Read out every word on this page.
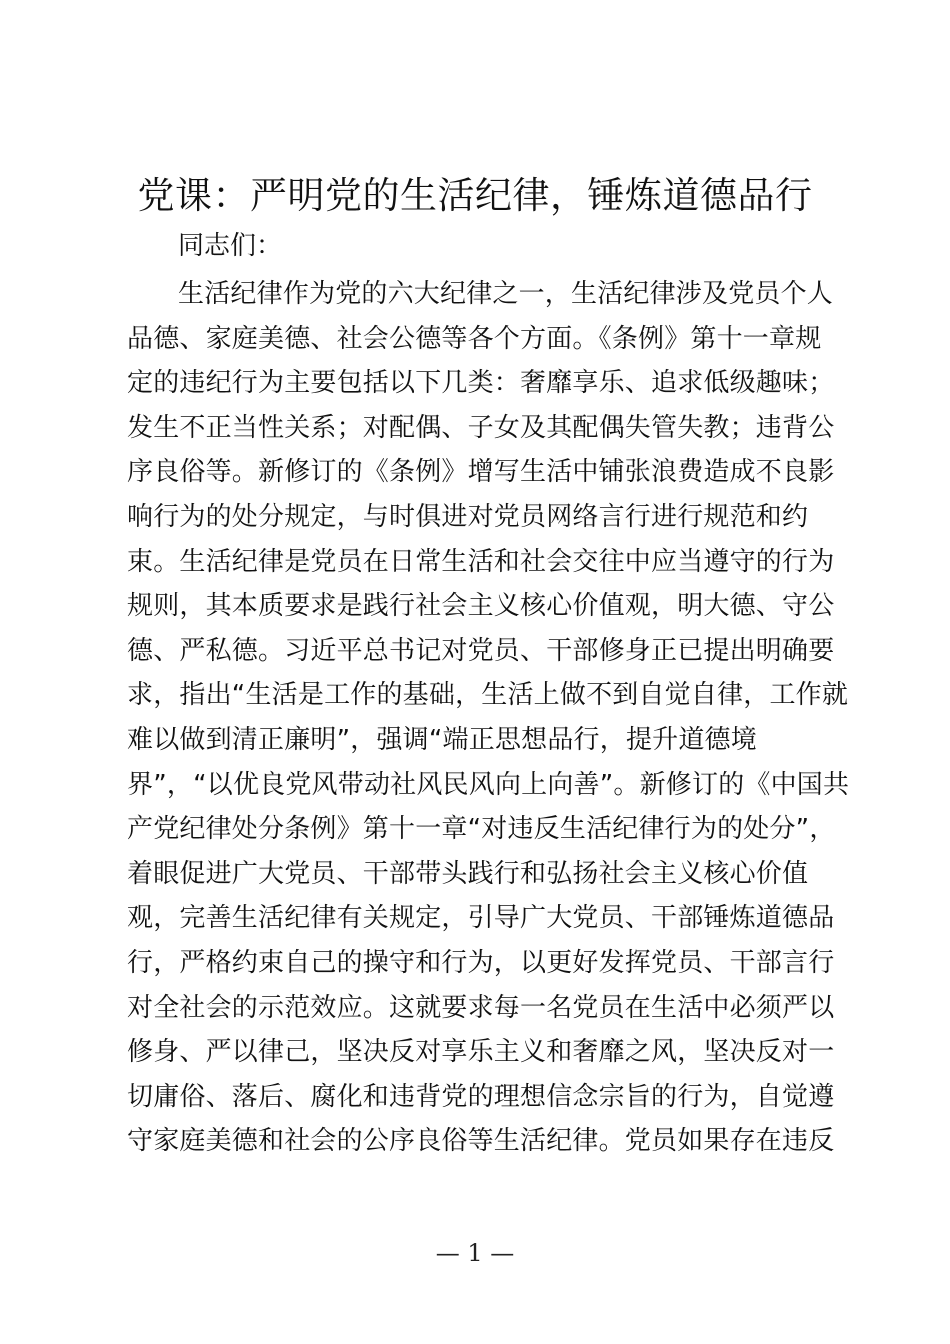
党课：严明党的生活纪律，锤炼道德品行
同志们：
生活纪律作为党的六大纪律之一，生活纪律涉及党员个人
品德、家庭美德、社会公德等各个方面。《条例》第十一章规
定的违纪行为主要包括以下几类：奢靡享乐、追求低级趣味；
发生不正当性关系；对配偶、子女及其配偶失管失教；违背公
序良俗等。新修订的《条例》增写生活中铺张浪费造成不良影
响行为的处分规定，与时俱进对党员网络言行进行规范和约
束。生活纪律是党员在日常生活和社会交往中应当遵守的行为
规则，其本质要求是践行社会主义核心价值观，明大德、守公
德、严私德。习近平总书记对党员、干部修身正已提出明确要
求，指出“生活是工作的基础，生活上做不到自觉自律，工作就
难以做到清正廉明”，强调“端正思想品行，提升道德境
界”，“以优良党风带动社风民风向上向善”。新修订的《中国共
产党纪律处分条例》第十一章“对违反生活纪律行为的处分”，
着眼促进广大党员、干部带头践行和弘扬社会主义核心价值
观，完善生活纪律有关规定，引导广大党员、干部锤炼道德品
行，严格约束自己的操守和行为，以更好发挥党员、干部言行
对全社会的示范效应。这就要求每一名党员在生活中必须严以
修身、严以律己，坚决反对享乐主义和奢靡之风，坚决反对一
切庸俗、落后、腐化和违背党的理想信念宗旨的行为，自觉遵
守家庭美德和社会的公序良俗等生活纪律。党员如果存在违反
— 1 —
